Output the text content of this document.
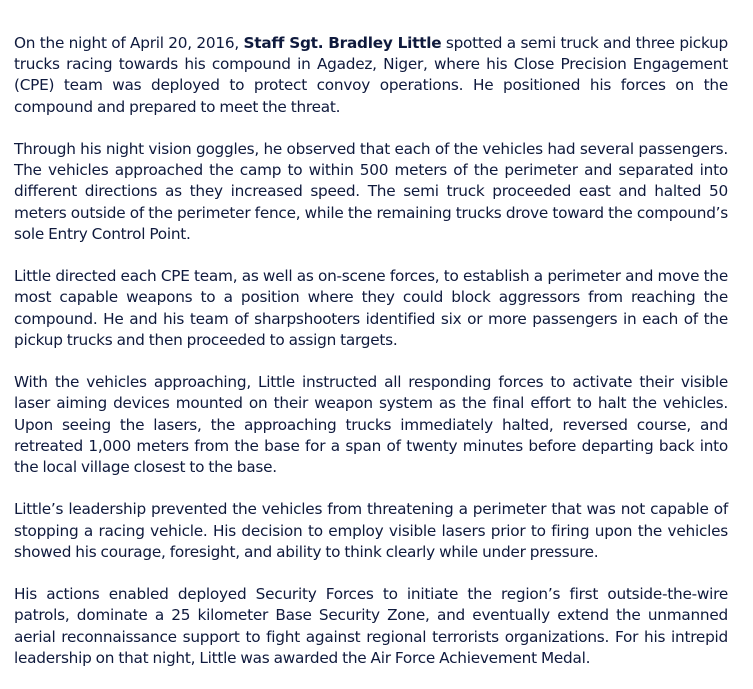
On the night of April 20, 2016, Staff Sgt. Bradley Little spotted a semi truck and three pickup trucks racing towards his compound in Agadez, Niger, where his Close Precision Engagement (CPE) team was deployed to protect convoy operations. He positioned his forces on the compound and prepared to meet the threat.

Through his night vision goggles, he observed that each of the vehicles had several passengers. The vehicles approached the camp to within 500 meters of the perimeter and separated into different directions as they increased speed. The semi truck proceeded east and halted 50 meters outside of the perimeter fence, while the remaining trucks drove toward the compound’s sole Entry Control Point.

Little directed each CPE team, as well as on-scene forces, to establish a perimeter and move the most capable weapons to a position where they could block aggressors from reaching the compound. He and his team of sharpshooters identified six or more passengers in each of the pickup trucks and then proceeded to assign targets.

With the vehicles approaching, Little instructed all responding forces to activate their visible laser aiming devices mounted on their weapon system as the final effort to halt the vehicles. Upon seeing the lasers, the approaching trucks immediately halted, reversed course, and retreated 1,000 meters from the base for a span of twenty minutes before departing back into the local village closest to the base.

Little’s leadership prevented the vehicles from threatening a perimeter that was not capable of stopping a racing vehicle. His decision to employ visible lasers prior to firing upon the vehicles showed his courage, foresight, and ability to think clearly while under pressure.

His actions enabled deployed Security Forces to initiate the region’s first outside-the-wire patrols, dominate a 25 kilometer Base Security Zone, and eventually extend the unmanned aerial reconnaissance support to fight against regional terrorists organizations. For his intrepid leadership on that night, Little was awarded the Air Force Achievement Medal.
